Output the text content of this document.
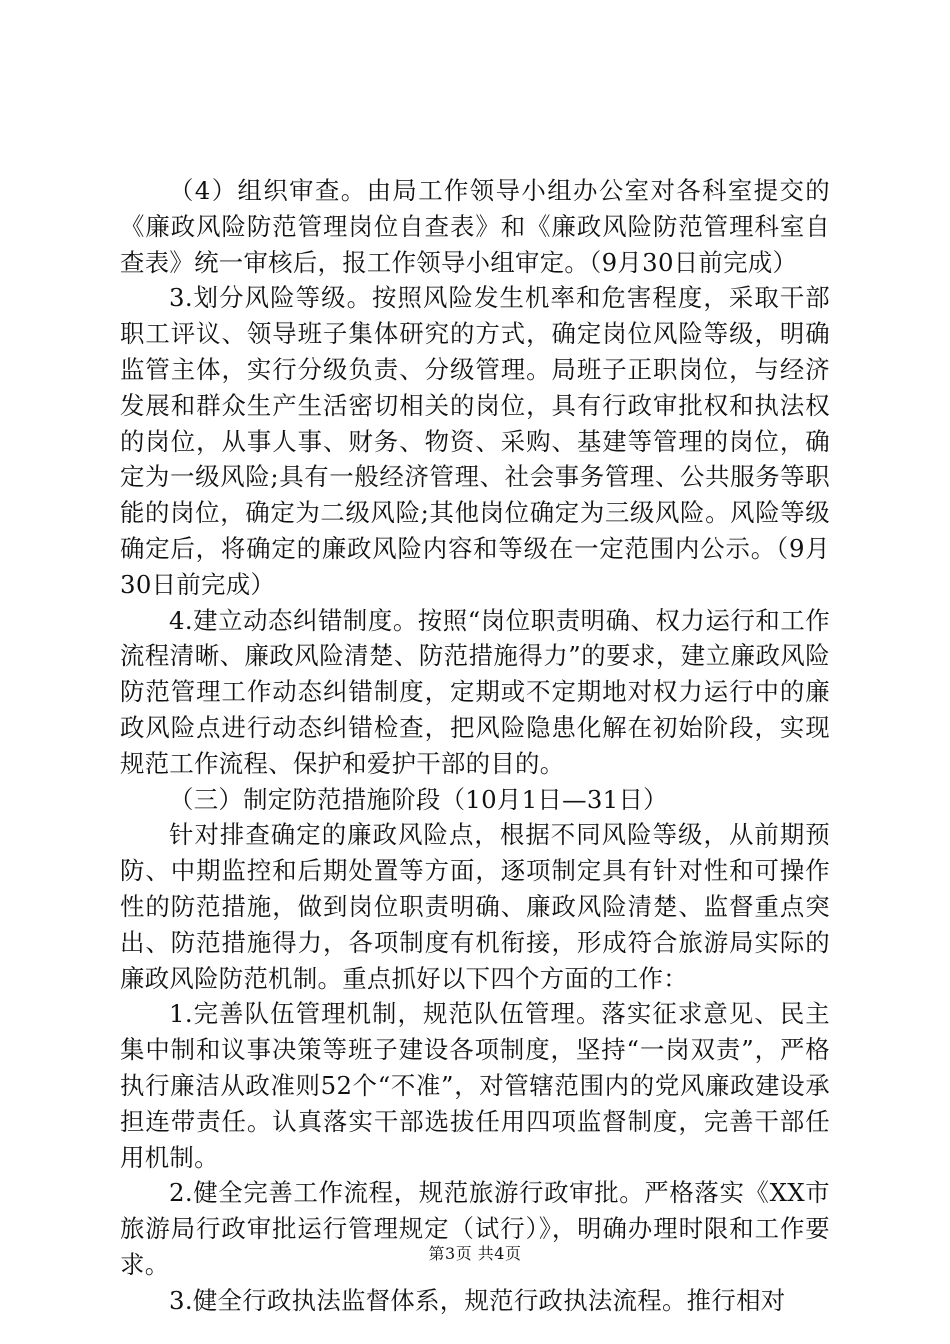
（4）组织审查。由局工作领导小组办公室对各科室提交的《廉政风险防范管理岗位自查表》和《廉政风险防范管理科室自查表》统一审核后，报工作领导小组审定。（9月30日前完成）

3.划分风险等级。按照风险发生机率和危害程度，采取干部职工评议、领导班子集体研究的方式，确定岗位风险等级，明确监管主体，实行分级负责、分级管理。局班子正职岗位，与经济发展和群众生产生活密切相关的岗位，具有行政审批权和执法权的岗位，从事人事、财务、物资、采购、基建等管理的岗位，确定为一级风险;具有一般经济管理、社会事务管理、公共服务等职能的岗位，确定为二级风险;其他岗位确定为三级风险。风险等级确定后，将确定的廉政风险内容和等级在一定范围内公示。（9月30日前完成）

4.建立动态纠错制度。按照“岗位职责明确、权力运行和工作流程清晰、廉政风险清楚、防范措施得力”的要求，建立廉政风险防范管理工作动态纠错制度，定期或不定期地对权力运行中的廉政风险点进行动态纠错检查，把风险隐患化解在初始阶段，实现规范工作流程、保护和爱护干部的目的。

（三）制定防范措施阶段（10月1日—31日）

针对排查确定的廉政风险点，根据不同风险等级，从前期预防、中期监控和后期处置等方面，逐项制定具有针对性和可操作性的防范措施，做到岗位职责明确、廉政风险清楚、监督重点突出、防范措施得力，各项制度有机衔接，形成符合旅游局实际的廉政风险防范机制。重点抓好以下四个方面的工作：

1.完善队伍管理机制，规范队伍管理。落实征求意见、民主集中制和议事决策等班子建设各项制度，坚持“一岗双责”，严格执行廉洁从政准则52个“不准”，对管辖范围内的党风廉政建设承担连带责任。认真落实干部选拔任用四项监督制度，完善干部任用机制。

2.健全完善工作流程，规范旅游行政审批。严格落实《XX市旅游局行政审批运行管理规定（试行）》，明确办理时限和工作要求。

3.健全行政执法监督体系，规范行政执法流程。推行相对

第3页 共4页
